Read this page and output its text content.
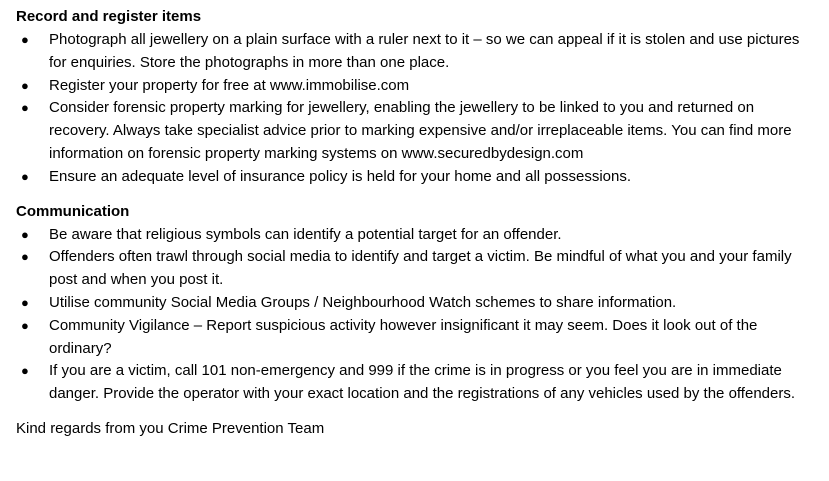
Record and register items

● Photograph all jewellery on a plain surface with a ruler next to it – so we can appeal if it is stolen and use pictures for enquiries. Store the photographs in more than one place.
● Register your property for free at www.immobilise.com
● Consider forensic property marking for jewellery, enabling the jewellery to be linked to you and returned on recovery. Always take specialist advice prior to marking expensive and/or irreplaceable items. You can find more information on forensic property marking systems on www.securedbydesign.com
● Ensure an adequate level of insurance policy is held for your home and all possessions.

Communication

● Be aware that religious symbols can identify a potential target for an offender.
● Offenders often trawl through social media to identify and target a victim. Be mindful of what you and your family post and when you post it.
● Utilise community Social Media Groups / Neighbourhood Watch schemes to share information.
● Community Vigilance – Report suspicious activity however insignificant it may seem. Does it look out of the ordinary?
● If you are a victim, call 101 non-emergency and 999 if the crime is in progress or you feel you are in immediate danger. Provide the operator with your exact location and the registrations of any vehicles used by the offenders.

Kind regards from you Crime Prevention Team
